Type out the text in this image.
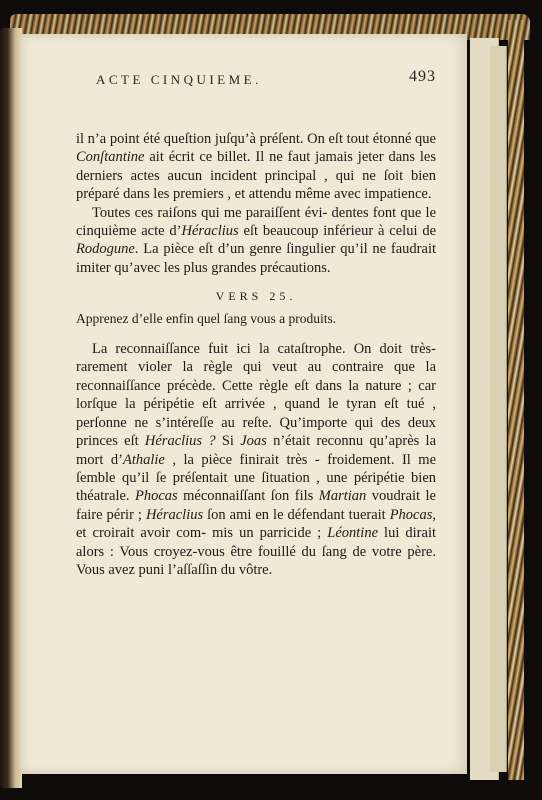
ACTE CINQUIEME.	493

il n’a point été queſtion juſqu’à préſent. On eſt tout étonné que Conſtantine ait écrit ce billet. Il ne faut jamais jeter dans les derniers actes aucun incident principal , qui ne ſoit bien préparé dans les premiers , et attendu même avec impatience.

Toutes ces raiſons qui me paraiſſent évi- dentes font que le cinquième acte d’Héraclius eſt beaucoup inférieur à celui de Rodogune. La pièce eſt d’un genre ſingulier qu’il ne faudrait imiter qu’avec les plus grandes précautions.

VERS 25.
Apprenez d’elle enfin quel ſang vous a produits.

La reconnaiſſance fuit ici la cataſtrophe. On doit très-rarement violer la règle qui veut au contraire que la reconnaiſſance précède. Cette règle eſt dans la nature ; car lorſque la péripétie eſt arrivée , quand le tyran eſt tué , perſonne ne s’intéreſſe au reſte. Qu’importe qui des deux princes eſt Héraclius ? Si Joas n’était reconnu qu’après la mort d’Athalie , la pièce finirait très - froidement. Il me ſemble qu’il ſe préſentait une ſituation , une péripétie bien théatrale. Phocas méconnaiſſant ſon fils Martian voudrait le faire périr ; Héraclius ſon ami en le défendant tuerait Phocas, et croirait avoir com- mis un parricide ; Léontine lui dirait alors : Vous croyez-vous être fouillé du ſang de votre père. Vous avez puni l’aſſaſſin du vôtre.
